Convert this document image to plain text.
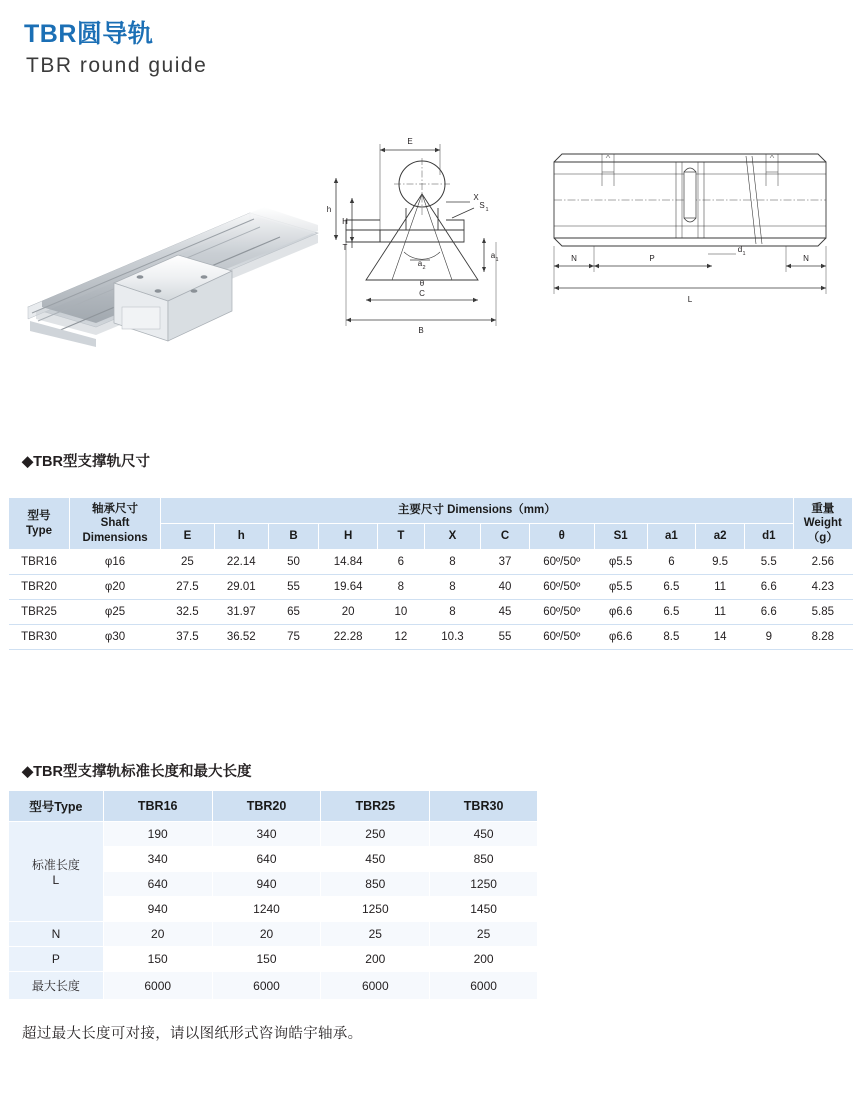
TBR圆导轨
TBR round guide
E
h
H
T
X
S 1
a 2
a 1
θ
C
B
N	P	N
d 1
L
◆TBR型支撑轨尺寸
型号
Type

轴承尺寸
Shaft
Dimensions
	主要尺寸 Dimensions（mm）	重量
Weight
（g）

		E	h	B	H	T	X	C	θ	S1	a1	a2	d1	
TBR16	φ16	25	22.14	50	14.84	6	8	37	60º/50º	φ5.5	6	9.5	5.5	2.56
TBR20	φ20	27.5	29.01	55	19.64	8	8	40	60º/50º	φ5.5	6.5	11	6.6	4.23
TBR25	φ25	32.5	31.97	65	20	10	8	45	60º/50º	φ6.6	6.5	11	6.6	5.85
TBR30	φ30	37.5	36.52	75	22.28	12	10.3	55	60º/50º	φ6.6	8.5	14	9	8.28
◆TBR型支撑轨标准长度和最大长度
型号Type	TBR16	TBR20	TBR25	TBR30

标准长度
L	190	340	250	450
	340	640	450	850
	640	940	850	1250
	940	1240	1250	1450
N	20	20	25	25
P	150	150	200	200
最大长度	6000	6000	6000	6000
超过最大长度可对接，请以图纸形式咨询皓宇轴承。
